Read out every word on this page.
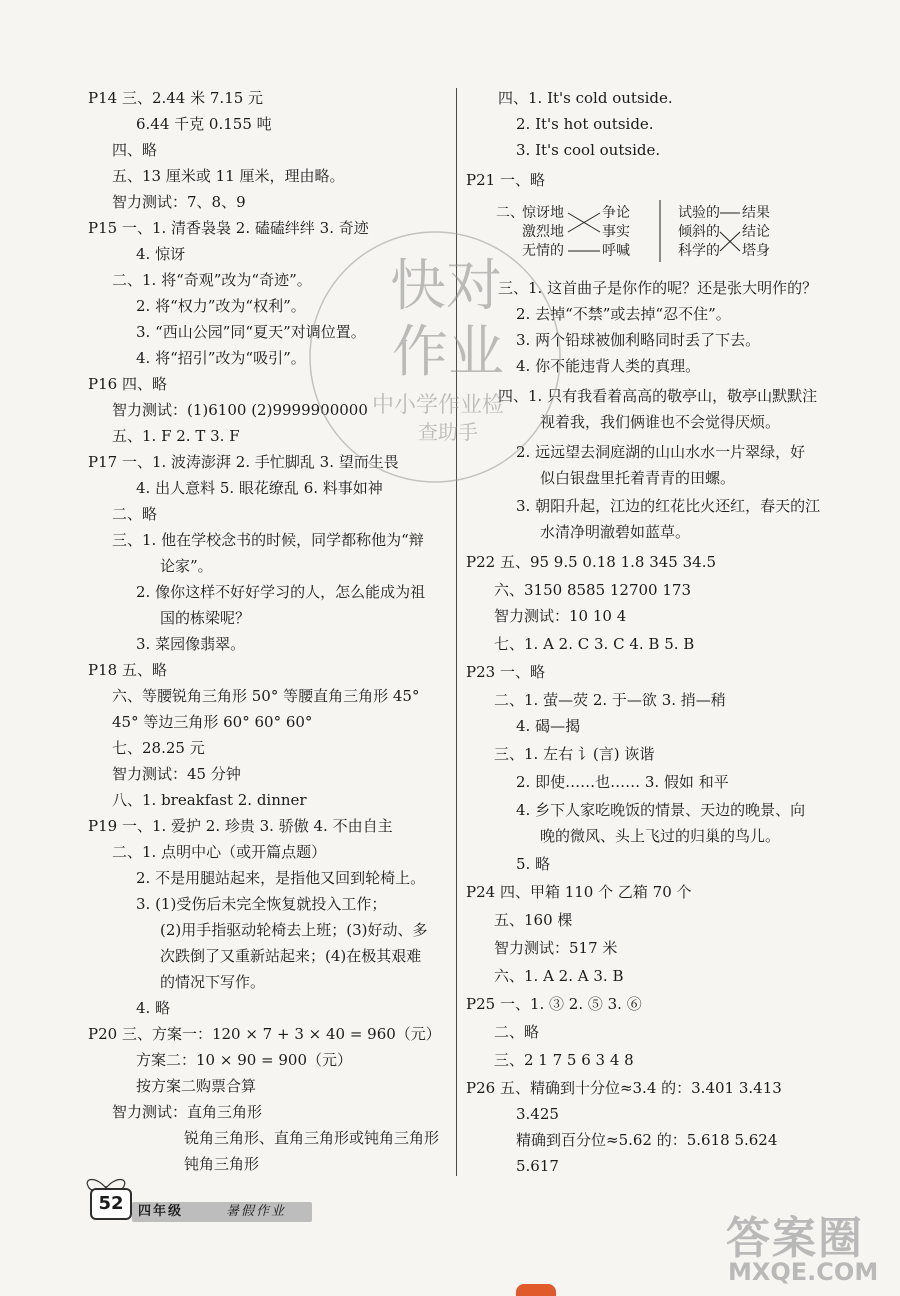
P14 三、2.44 米 7.15 元
6.44 千克 0.155 吨
四、略
五、13 厘米或 11 厘米，理由略。
智力测试：7、8、9
P15 一、1. 清香袅袅 2. 磕磕绊绊 3. 奇迹
4. 惊讶
二、1. 将“奇观”改为“奇迹”。
2. 将“权力”改为“权利”。
3. “西山公园”同“夏天”对调位置。
4. 将“招引”改为“吸引”。
P16 四、略
智力测试：(1)6100 (2)9999900000
五、1. F 2. T 3. F
P17 一、1. 波涛澎湃 2. 手忙脚乱 3. 望而生畏
4. 出人意料 5. 眼花缭乱 6. 料事如神
二、略
三、1. 他在学校念书的时候，同学都称他为“辩
论家”。
2. 像你这样不好好学习的人，怎么能成为祖
国的栋梁呢？
3. 菜园像翡翠。
P18 五、略
六、等腰锐角三角形 50° 等腰直角三角形 45°
45° 等边三角形 60° 60° 60°
七、28.25 元
智力测试：45 分钟
八、1. breakfast 2. dinner
P19 一、1. 爱护 2. 珍贵 3. 骄傲 4. 不由自主
二、1. 点明中心（或开篇点题）
2. 不是用腿站起来，是指他又回到轮椅上。
3. (1)受伤后未完全恢复就投入工作；
(2)用手指驱动轮椅去上班；(3)好动、多
次跌倒了又重新站起来；(4)在极其艰难
的情况下写作。
4. 略
P20 三、方案一：120 × 7 + 3 × 40 = 960（元）
方案二：10 × 90 = 900（元）
按方案二购票合算
智力测试：直角三角形
锐角三角形、直角三角形或钝角三角形
钝角三角形
四、1. It's cold outside.
2. It's hot outside.
3. It's cool outside.
P21 一、略
三、1. 这首曲子是你作的呢？还是张大明作的？
2. 去掉“不禁”或去掉“忍不住”。
3. 两个铅球被伽利略同时丢了下去。
4. 你不能违背人类的真理。
四、1. 只有我看着高高的敬亭山，敬亭山默默注
视着我，我们俩谁也不会觉得厌烦。
2. 远远望去洞庭湖的山山水水一片翠绿，好
似白银盘里托着青青的田螺。
3. 朝阳升起，江边的红花比火还红，春天的江
水清净明澈碧如蓝草。
P22 五、95 9.5 0.18 1.8 345 34.5
六、3150 8585 12700 173
智力测试：10 10 4
七、1. A 2. C 3. C 4. B 5. B
P23 一、略
二、1. 萤—荧 2. 于—欲 3. 捎—稍
4. 碣—揭
三、1. 左右 讠(言) 诙谐
2. 即使……也…… 3. 假如 和平
4. 乡下人家吃晚饭的情景、天边的晚景、向
晚的微风、头上飞过的归巢的鸟儿。
5. 略
P24 四、甲箱 110 个 乙箱 70 个
五、160 棵
智力测试：517 米
六、1. A 2. A 3. B
P25 一、1. ③ 2. ⑤ 3. ⑥
二、略
三、2 1 7 5 6 3 4 8
P26 五、精确到十分位≈3.4 的：3.401 3.413
3.425
精确到百分位≈5.62 的：5.618 5.624
5.617
二、
惊讶地
激烈地
无情的
争论
事实
呼喊
试验的
倾斜的
科学的
结果
结论
塔身
快对
作业
中小学作业检
查助手
52	四年级	暑假作业
答案圈
MXQE.COM
